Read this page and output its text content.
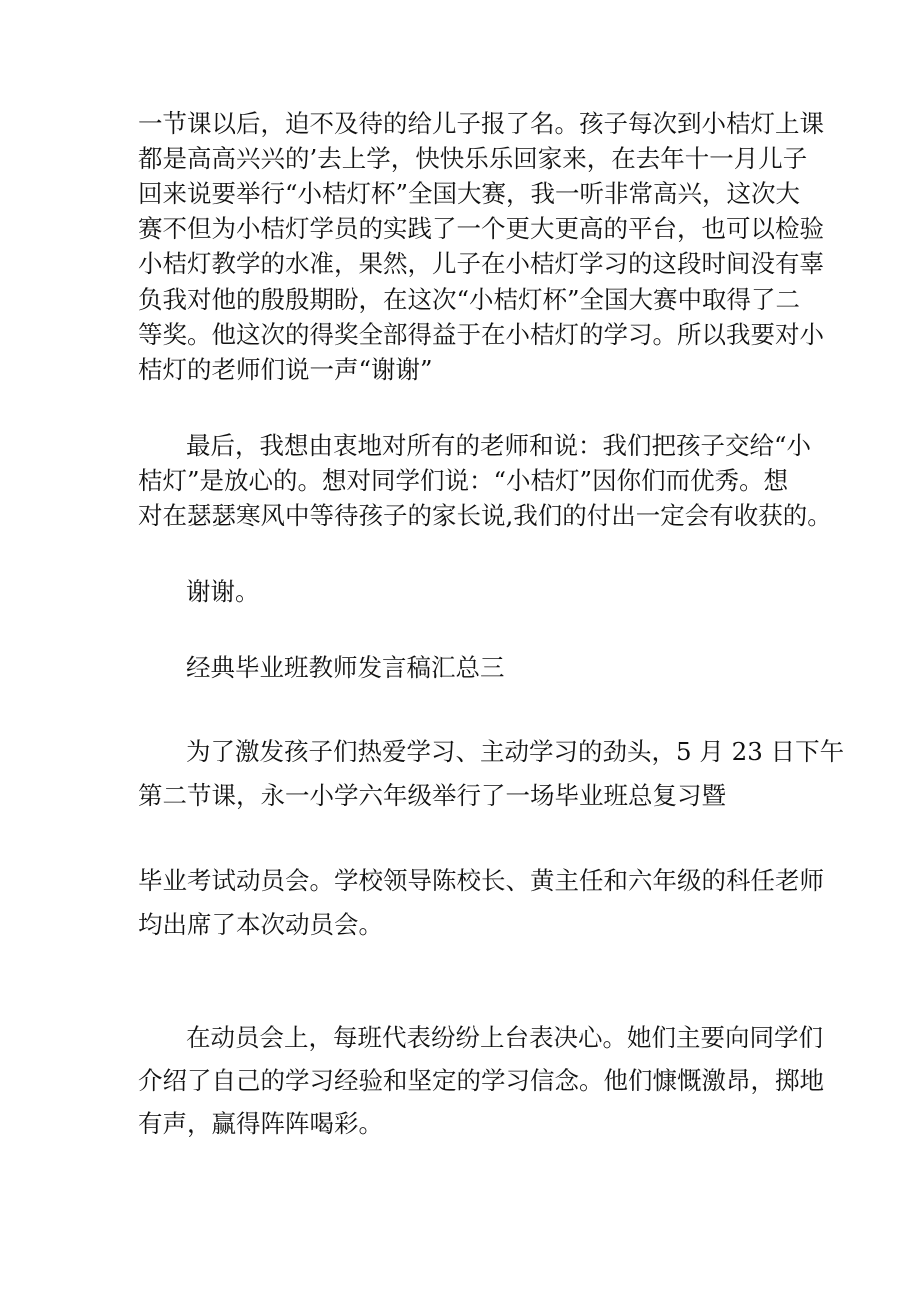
一节课以后，迫不及待的给儿子报了名。孩子每次到小桔灯上课
都是高高兴兴的’去上学，快快乐乐回家来，在去年十一月儿子
回来说要举行“小桔灯杯”全国大赛，我一听非常高兴，这次大
赛不但为小桔灯学员的实践了一个更大更高的平台，也可以检验
小桔灯教学的水准，果然，儿子在小桔灯学习的这段时间没有辜
负我对他的殷殷期盼，在这次“小桔灯杯”全国大赛中取得了二
等奖。他这次的得奖全部得益于在小桔灯的学习。所以我要对小
桔灯的老师们说一声“谢谢”
最后，我想由衷地对所有的老师和说：我们把孩子交给“小
桔灯”是放心的。想对同学们说：“小桔灯”因你们而优秀。想
对在瑟瑟寒风中等待孩子的家长说,我们的付出一定会有收获的。
谢谢。
经典毕业班教师发言稿汇总三
为了激发孩子们热爱学习、主动学习的劲头，5 月 23 日下午
第二节课，永一小学六年级举行了一场毕业班总复习暨
毕业考试动员会。学校领导陈校长、黄主任和六年级的科任老师
均出席了本次动员会。
在动员会上，每班代表纷纷上台表决心。她们主要向同学们
介绍了自己的学习经验和坚定的学习信念。他们慷慨激昂，掷地
有声，赢得阵阵喝彩。
